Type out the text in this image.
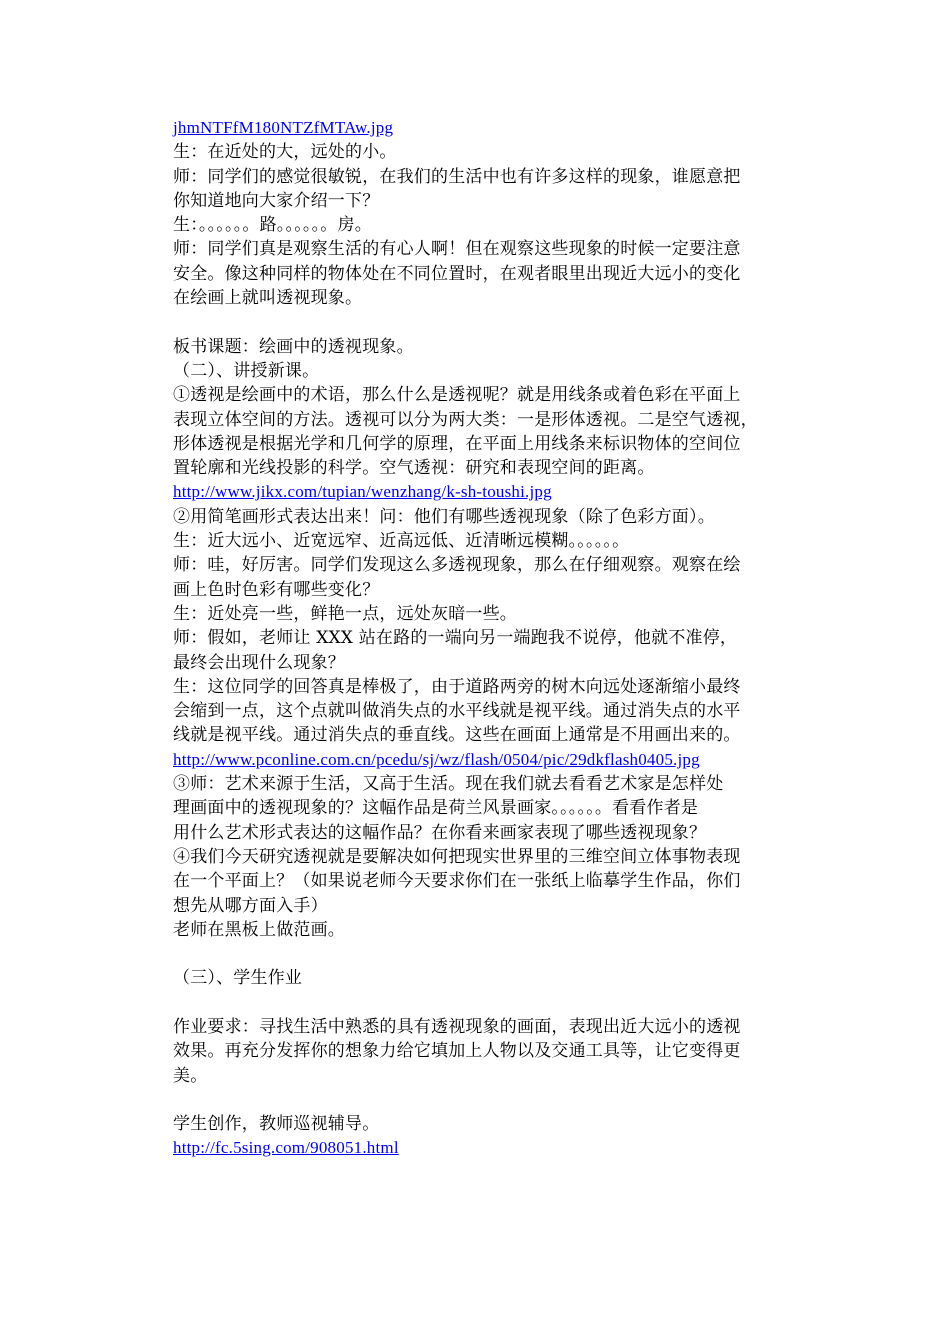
jhmNTFfM180NTZfMTAw.jpg
生：在近处的大，远处的小。
师：同学们的感觉很敏锐，在我们的生活中也有许多这样的现象，谁愿意把
你知道地向大家介绍一下？
生：。。。。。。路。。。。。。房。
师：同学们真是观察生活的有心人啊！但在观察这些现象的时候一定要注意
安全。像这种同样的物体处在不同位置时，在观者眼里出现近大远小的变化
在绘画上就叫透视现象。
板书课题：绘画中的透视现象。
（二）、讲授新课。
①透视是绘画中的术语，那么什么是透视呢？就是用线条或着色彩在平面上
表现立体空间的方法。透视可以分为两大类：一是形体透视。二是空气透视，
形体透视是根据光学和几何学的原理，在平面上用线条来标识物体的空间位
置轮廓和光线投影的科学。空气透视：研究和表现空间的距离。
http://www.jikx.com/tupian/wenzhang/k-sh-toushi.jpg
②用简笔画形式表达出来！问：他们有哪些透视现象（除了色彩方面）。
生：近大远小、近宽远窄、近高远低、近清晰远模糊。。。。。。
师：哇，好厉害。同学们发现这么多透视现象，那么在仔细观察。观察在绘
画上色时色彩有哪些变化？
生：近处亮一些，鲜艳一点，远处灰暗一些。
师：假如，老师让 XXX 站在路的一端向另一端跑我不说停，他就不准停，
最终会出现什么现象？
生：这位同学的回答真是棒极了，由于道路两旁的树木向远处逐渐缩小最终
会缩到一点，这个点就叫做消失点的水平线就是视平线。通过消失点的水平
线就是视平线。通过消失点的垂直线。这些在画面上通常是不用画出来的。
http://www.pconline.com.cn/pcedu/sj/wz/flash/0504/pic/29dkflash0405.jpg
③师：艺术来源于生活，又高于生活。现在我们就去看看艺术家是怎样处
理画面中的透视现象的？这幅作品是荷兰风景画家。。。。。。看看作者是
用什么艺术形式表达的这幅作品？在你看来画家表现了哪些透视现象？
④我们今天研究透视就是要解决如何把现实世界里的三维空间立体事物表现
在一个平面上？（如果说老师今天要求你们在一张纸上临摹学生作品，你们
想先从哪方面入手）
老师在黑板上做范画。
（三）、学生作业
作业要求：寻找生活中熟悉的具有透视现象的画面，表现出近大远小的透视
效果。再充分发挥你的想象力给它填加上人物以及交通工具等，让它变得更
美。
学生创作，教师巡视辅导。
http://fc.5sing.com/908051.html
